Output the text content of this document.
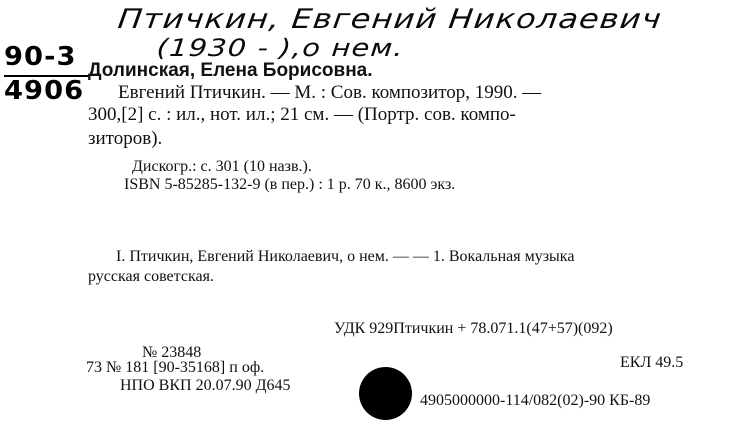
Птичкин, Евгений Николаевич
(1930 - ),о нем.
90-3
4906
Долинская, Елена Борисовна.
Евгений Птичкин. — М. : Сов. композитор, 1990. —
300,[2] с. : ил., нот. ил.; 21 см. — (Портр. сов. компо-
зиторов).
Дискогр.: с. 301 (10 назв.).
ISBN 5-85285-132-9 (в пер.) : 1 р. 70 к., 8600 экз.
I. Птичкин, Евгений Николаевич, о нем. — — 1. Вокальная музыка
русская советская.
УДК 929Птичкин + 78.071.1(47+57)(092)
№ 23848
73 № 181 [90-35168] п оф.
НПО ВКП 20.07.90 Д645
ЕКЛ 49.5
4905000000-114/082(02)-90 КБ-89
